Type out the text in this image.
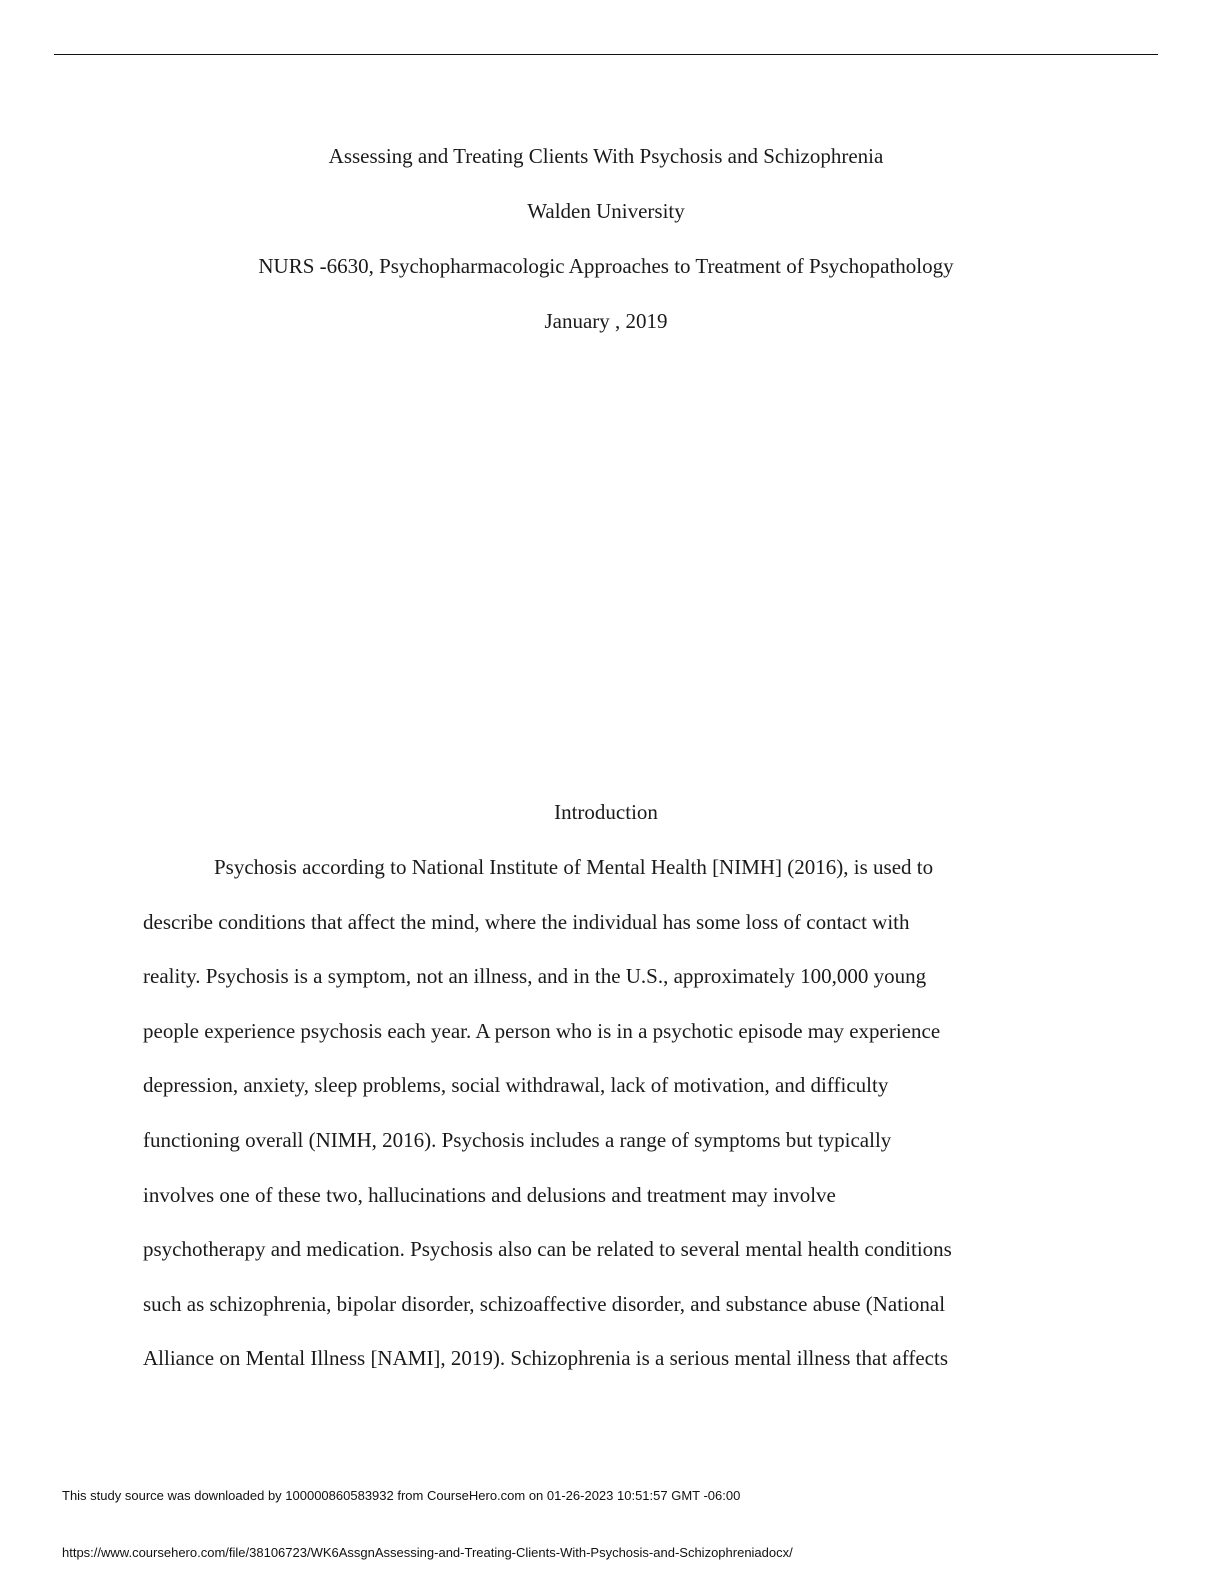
Assessing and Treating Clients With Psychosis and Schizophrenia
Walden University
NURS -6630, Psychopharmacologic Approaches to Treatment of Psychopathology
January , 2019
Introduction
Psychosis according to National Institute of Mental Health [NIMH] (2016), is used to
describe conditions that affect the mind, where the individual has some loss of contact with
reality. Psychosis is a symptom, not an illness, and in the U.S., approximately 100,000 young
people experience psychosis each year. A person who is in a psychotic episode may experience
depression, anxiety, sleep problems, social withdrawal, lack of motivation, and difficulty
functioning overall (NIMH, 2016). Psychosis includes a range of symptoms but typically
involves one of these two, hallucinations and delusions and treatment may involve
psychotherapy and medication. Psychosis also can be related to several mental health conditions
such as schizophrenia, bipolar disorder, schizoaffective disorder, and substance abuse (National
Alliance on Mental Illness [NAMI], 2019). Schizophrenia is a serious mental illness that affects
This study source was downloaded by 100000860583932 from CourseHero.com on 01-26-2023 10:51:57 GMT -06:00
https://www.coursehero.com/file/38106723/WK6AssgnAssessing-and-Treating-Clients-With-Psychosis-and-Schizophreniadocx/
